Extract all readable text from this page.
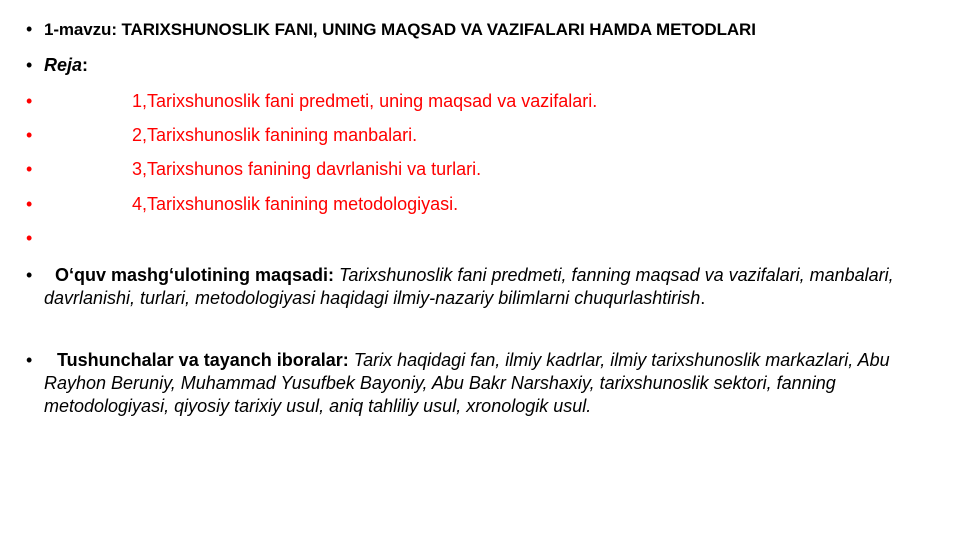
• 1-mavzu: TARIXSHUNOSLIK FANI, UNING MAQSAD VA VAZIFALARI HAMDA METODLARI
• Reja:
•	1,Tarixshunoslik fani predmeti, uning maqsad va vazifalari.
•	2,Tarixshunoslik fanining manbalari.
•	3,Tarixshunos fanining davrlanishi va turlari.
•	4,Tarixshunoslik fanining metodologiyasi.
•
• O‘quv mashg‘ulotining maqsadi: Tarixshunoslik fani predmeti, fanning maqsad va vazifalari, manbalari, davrlanishi, turlari, metodologiyasi haqidagi ilmiy-nazariy bilimlarni chuqurlashtirish.
• Tushunchalar va tayanch iboralar: Tarix haqidagi fan, ilmiy kadrlar, ilmiy tarixshunoslik markazlari, Abu Rayhon Beruniy, Muhammad Yusufbek Bayoniy, Abu Bakr Narshaxiy, tarixshunoslik sektori, fanning metodologiyasi, qiyosiy tarixiy usul, aniq tahliliy usul, xronologik usul.
